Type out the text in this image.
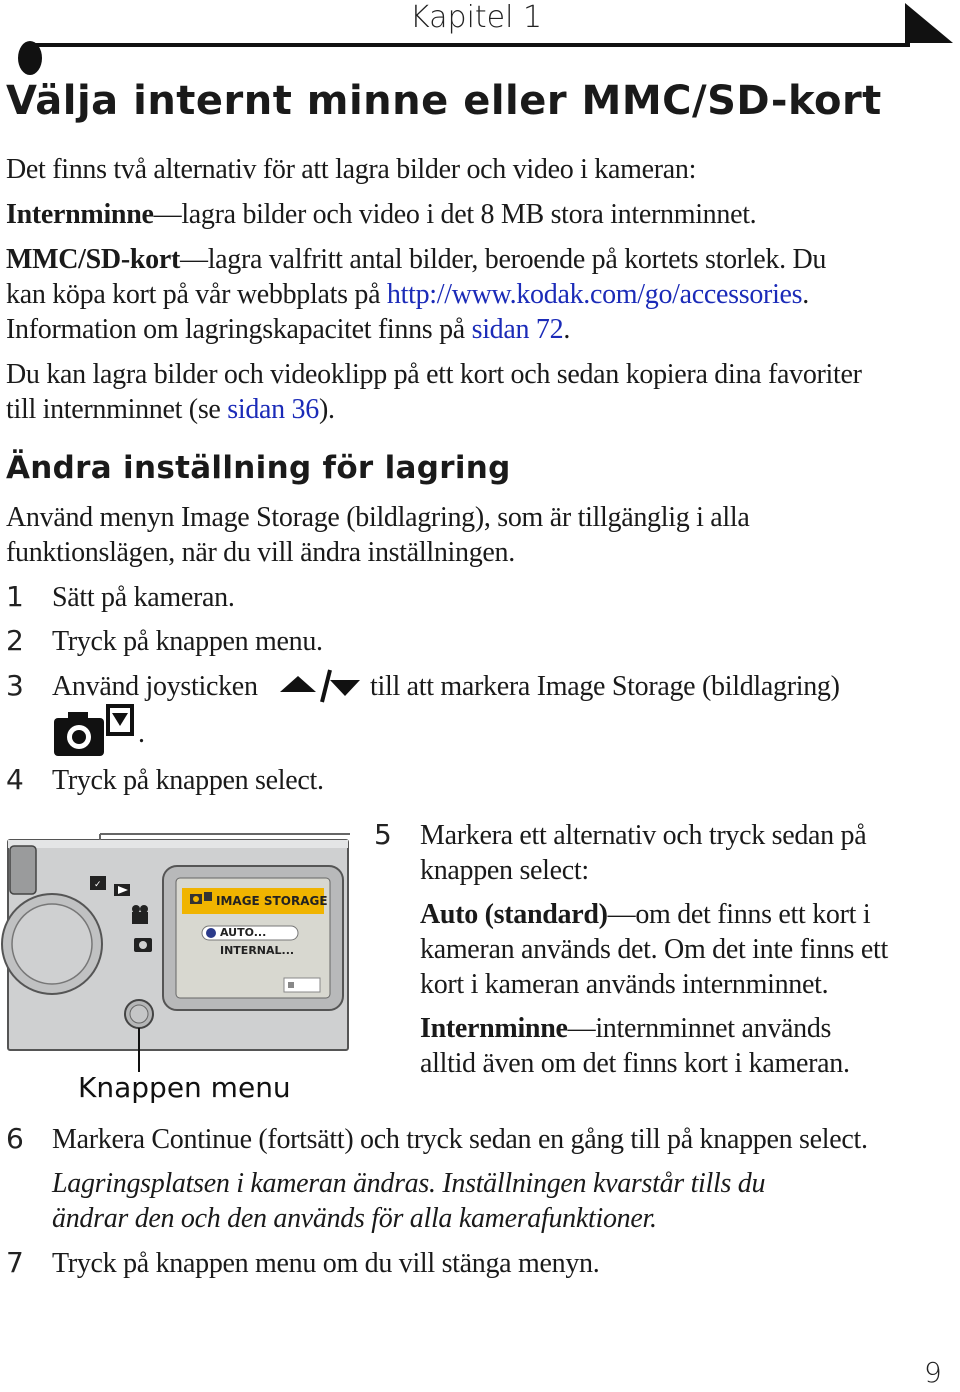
Kapitel 1
Välja internt minne eller MMC/SD-kort
Det finns två alternativ för att lagra bilder och video i kameran:
Internminne—lagra bilder och video i det 8 MB stora internminnet.
MMC/SD-kort—lagra valfritt antal bilder, beroende på kortets storlek. Du
kan köpa kort på vår webbplats på http://www.kodak.com/go/accessories.
Information om lagringskapacitet finns på sidan 72.
Du kan lagra bilder och videoklipp på ett kort och sedan kopiera dina favoriter
till internminnet (se sidan 36).
Ändra inställning för lagring
Använd menyn Image Storage (bildlagring), som är tillgänglig i alla
funktionslägen, när du vill ändra inställningen.
1 Sätt på kameran.
2 Tryck på knappen menu.
3 Använd joysticken	till att markera Image Storage (bildlagring)
.
4 Tryck på knappen select.
✓
IMAGE STORAGE
AUTO...
INTERNAL...
Knappen menu
5 Markera ett alternativ och tryck sedan på
knappen select:
Auto (standard)—om det finns ett kort i
kameran används det. Om det inte finns ett
kort i kameran används internminnet.
Internminne—internminnet används
alltid även om det finns kort i kameran.
6 Markera Continue (fortsätt) och tryck sedan en gång till på knappen select.
Lagringsplatsen i kameran ändras. Inställningen kvarstår tills du
ändrar den och den används för alla kamerafunktioner.
7 Tryck på knappen menu om du vill stänga menyn.
9
